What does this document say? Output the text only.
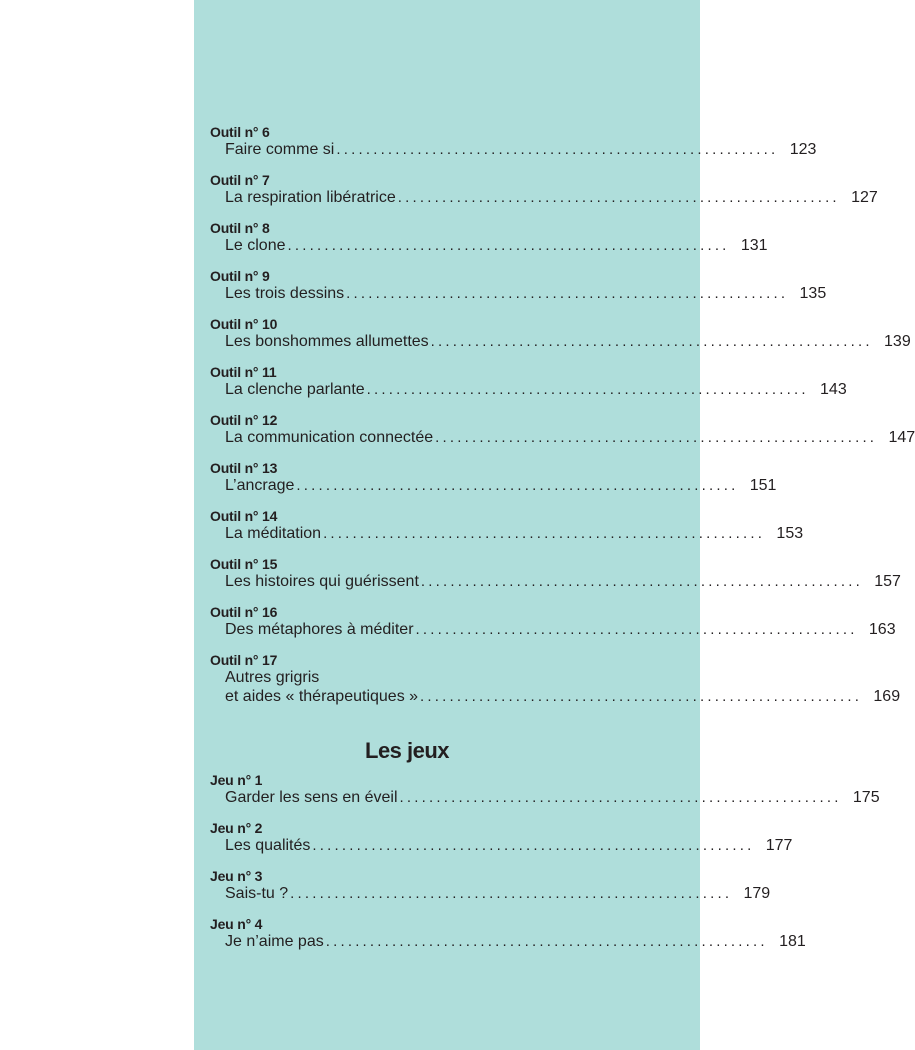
Les jeux
Outil n° 6
Faire comme si ............................................................ 123
Outil n° 7
La respiration libératrice ............................................................ 127
Outil n° 8
Le clone ............................................................ 131
Outil n° 9
Les trois dessins ............................................................ 135
Outil n° 10
Les bonshommes allumettes ............................................................ 139
Outil n° 11
La clenche parlante ............................................................ 143
Outil n° 12
La communication connectée ............................................................ 147
Outil n° 13
L’ancrage ............................................................ 151
Outil n° 14
La méditation ............................................................ 153
Outil n° 15
Les histoires qui guérissent ............................................................ 157
Outil n° 16
Des métaphores à méditer ............................................................ 163
Outil n° 17
Autres grigris
et aides « thérapeutiques » ............................................................ 169
Jeu n° 1
Garder les sens en éveil ............................................................ 175
Jeu n° 2
Les qualités ............................................................ 177
Jeu n° 3
Sais-tu ? ............................................................ 179
Jeu n° 4
Je n’aime pas ............................................................ 181
